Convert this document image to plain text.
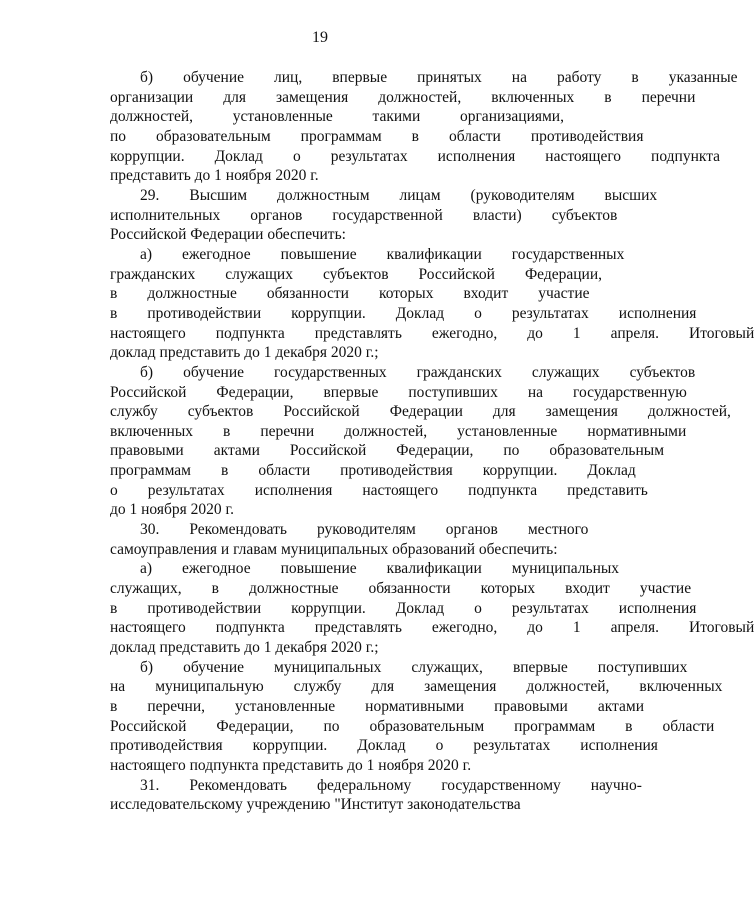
19

б)	обучение	лиц,	впервые	принятых	на	работу	в	указанные
организации	для	замещения	должностей,	включенных	в	перечни
должностей,	установленные	такими	организациями,
по	образовательным	программам	в	области	противодействия
коррупции.	Доклад	о	результатах	исполнения	настоящего	подпункта
представить до 1 ноября 2020 г.

29.	Высшим	должностным	лицам	(руководителям	высших
исполнительных	органов	государственной	власти)	субъектов
Российской Федерации обеспечить:

а)	ежегодное	повышение	квалификации	государственных
гражданских	служащих	субъектов	Российской	Федерации,
в	должностные	обязанности	которых	входит	участие
в	противодействии	коррупции.	Доклад	о	результатах	исполнения
настоящего	подпункта	представлять	ежегодно,	до	1	апреля.	Итоговый
доклад представить до 1 декабря 2020 г.;

б)	обучение	государственных	гражданских	служащих	субъектов
Российской	Федерации,	впервые	поступивших	на	государственную
службу	субъектов	Российской	Федерации	для	замещения	должностей,
включенных	в	перечни	должностей,	установленные	нормативными
правовыми	актами	Российской	Федерации,	по	образовательным
программам	в	области	противодействия	коррупции.	Доклад
о	результатах	исполнения	настоящего	подпункта	представить
до 1 ноября 2020 г.

30.	Рекомендовать	руководителям	органов	местного
самоуправления и главам муниципальных образований обеспечить:

а)	ежегодное	повышение	квалификации	муниципальных
служащих,	в	должностные	обязанности	которых	входит	участие
в	противодействии	коррупции.	Доклад	о	результатах	исполнения
настоящего	подпункта	представлять	ежегодно,	до	1	апреля.	Итоговый
доклад представить до 1 декабря 2020 г.;

б)	обучение	муниципальных	служащих,	впервые	поступивших
на	муниципальную	службу	для	замещения	должностей,	включенных
в	перечни,	установленные	нормативными	правовыми	актами
Российской	Федерации,	по	образовательным	программам	в	области
противодействия	коррупции.	Доклад	о	результатах	исполнения
настоящего подпункта представить до 1 ноября 2020 г.

31.	Рекомендовать	федеральному	государственному	научно-
исследовательскому учреждению "Институт законодательства
